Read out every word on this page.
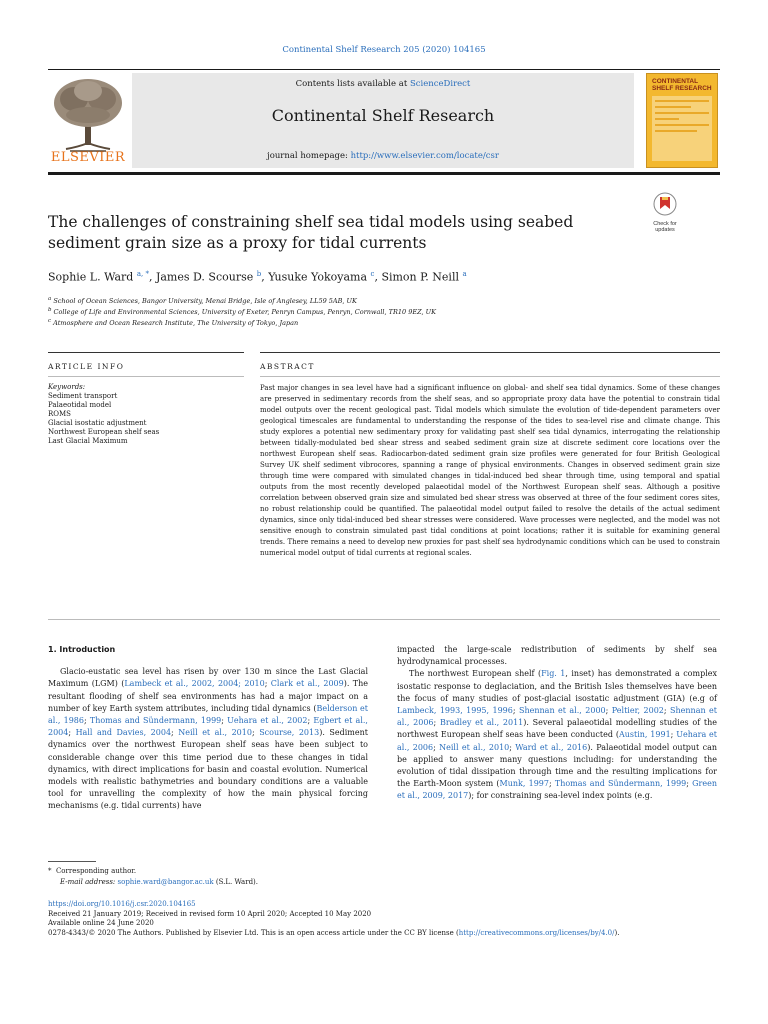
Continental Shelf Research 205 (2020) 104165
ELSEVIER
Contents lists available at ScienceDirect
Continental Shelf Research
journal homepage: http://www.elsevier.com/locate/csr
CONTINENTAL SHELF RESEARCH
The challenges of constraining shelf sea tidal models using seabed sediment grain size as a proxy for tidal currents
Check for
updates
Sophie L. Ward $^{a, *}$, James D. Scourse $^b$, Yusuke Yokoyama $^c$, Simon P. Neill $^a$
$^a$ School of Ocean Sciences, Bangor University, Menai Bridge, Isle of Anglesey, LL59 5AB, UK
$^b$ College of Life and Environmental Sciences, University of Exeter, Penryn Campus, Penryn, Cornwall, TR10 9EZ, UK
$^c$ Atmosphere and Ocean Research Institute, The University of Tokyo, Japan
ARTICLE INFO	ABSTRACT
Keywords:
Sediment transport
Palaeotidal model
ROMS
Glacial isostatic adjustment
Northwest European shelf seas
Last Glacial Maximum
Past major changes in sea level have had a significant influence on global- and shelf sea tidal dynamics. Some of these changes are preserved in sedimentary records from the shelf seas, and so appropriate proxy data have the potential to constrain tidal model outputs over the recent geological past. Tidal models which simulate the evolution of tide-dependent parameters over geological timescales are fundamental to understanding the response of the tides to sea-level rise and climate change. This study explores a potential new sedimentary proxy for validating past shelf sea tidal dynamics, interrogating the relationship between tidally-modulated bed shear stress and seabed sediment grain size at discrete sediment core locations over the northwest European shelf seas. Radiocarbon-dated sediment grain size profiles were generated for four British Geological Survey UK shelf sediment vibrocores, spanning a range of physical environments. Changes in observed sediment grain size through time were compared with simulated changes in tidal-induced bed shear through time, using temporal and spatial outputs from the most recently developed palaeotidal model of the Northwest European shelf seas. Although a positive correlation between observed grain size and simulated bed shear stress was observed at three of the four sediment cores sites, no robust relationship could be quantified. The palaeotidal model output failed to resolve the details of the actual sediment dynamics, since only tidal-induced bed shear stresses were considered. Wave processes were neglected, and the model was not sensitive enough to constrain simulated past tidal conditions at point locations; rather it is suitable for examining general trends. There remains a need to develop new proxies for past shelf sea hydrodynamic conditions which can be used to constrain numerical model output of tidal currents at regional scales.

1. Introduction

Glacio-eustatic sea level has risen by over 130 m since the Last Glacial Maximum (LGM) (Lambeck et al., 2002, 2004; 2010; Clark et al., 2009). The resultant flooding of shelf sea environments has had a major impact on a number of key Earth system attributes, including tidal dynamics (Belderson et al., 1986; Thomas and Sündermann, 1999; Uehara et al., 2002; Egbert et al., 2004; Hall and Davies, 2004; Neill et al., 2010; Scourse, 2013). Sediment dynamics over the northwest European shelf seas have been subject to considerable change over this time period due to these changes in tidal dynamics, with direct implications for basin and coastal evolution. Numerical models with realistic bathymetries and boundary conditions are a valuable tool for unravelling the complexity of how the main physical forcing mechanisms (e.g. tidal currents) have

impacted the large-scale redistribution of sediments by shelf sea hydrodynamical processes.

The northwest European shelf (Fig. 1, inset) has demonstrated a complex isostatic response to deglaciation, and the British Isles themselves have been the focus of many studies of post-glacial isostatic adjustment (GIA) (e.g of Lambeck, 1993, 1995, 1996; Shennan et al., 2000; Peltier, 2002; Shennan et al., 2006; Bradley et al., 2011). Several palaeotidal modelling studies of the northwest European shelf seas have been conducted (Austin, 1991; Uehara et al., 2006; Neill et al., 2010; Ward et al., 2016). Palaeotidal model output can be applied to answer many questions including: for understanding the evolution of tidal dissipation through time and the resulting implications for the Earth-Moon system (Munk, 1997; Thomas and Sündermann, 1999; Green et al., 2009, 2017); for constraining sea-level index points (e.g.

* Corresponding author.
E-mail address: sophie.ward@bangor.ac.uk (S.L. Ward).
https://doi.org/10.1016/j.csr.2020.104165
Received 21 January 2019; Received in revised form 10 April 2020; Accepted 10 May 2020
Available online 24 June 2020
0278-4343/© 2020 The Authors. Published by Elsevier Ltd. This is an open access article under the CC BY license (http://creativecommons.org/licenses/by/4.0/).
